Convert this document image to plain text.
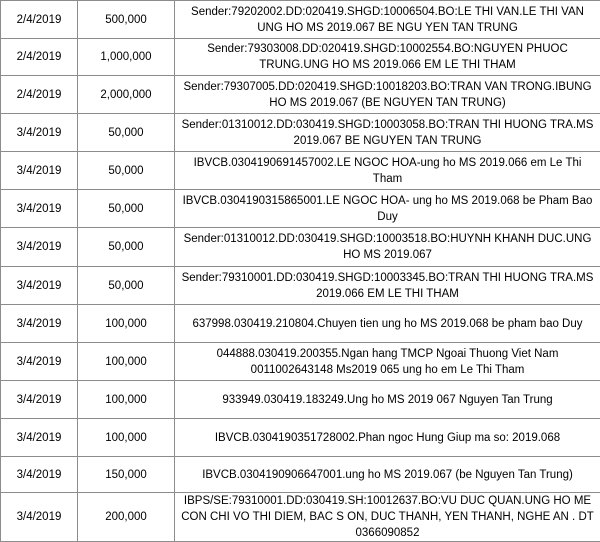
2/4/2019	500,000	Sender:79202002.DD:020419.SHGD:10006504.BO:LE THI VAN.LE THI VAN UNG HO MS 2019.067 BE NGU YEN TAN TRUNG
2/4/2019	1,000,000	Sender:79303008.DD:020419.SHGD:10002554.BO:NGUYEN PHUOC TRUNG.UNG HO MS 2019.066 EM LE THI THAM
2/4/2019	2,000,000	Sender:79307005.DD:020419.SHGD:10018203.BO:TRAN VAN TRONG.IBUNG HO MS 2019.067 (BE NGUYEN TAN TRUNG)
3/4/2019	50,000	Sender:01310012.DD:030419.SHGD:10003058.BO:TRAN THI HUONG TRA.MS 2019.067 BE NGUYEN TAN TRUNG
3/4/2019	50,000	IBVCB.0304190691457002.LE NGOC HOA-ung ho MS 2019.066 em Le Thi Tham
3/4/2019	50,000	IBVCB.0304190315865001.LE NGOC HOA- ung ho MS 2019.068 be Pham Bao Duy
3/4/2019	50,000	Sender:01310012.DD:030419.SHGD:10003518.BO:HUYNH KHANH DUC.UNG HO MS 2019.067
3/4/2019	50,000	Sender:79310001.DD:030419.SHGD:10003345.BO:TRAN THI HUONG TRA.MS 2019.066 EM LE THI THAM
3/4/2019	100,000	637998.030419.210804.Chuyen tien ung ho MS 2019.068 be pham bao Duy
3/4/2019	100,000	044888.030419.200355.Ngan hang TMCP Ngoai Thuong Viet Nam 0011002643148 Ms2019 065 ung ho em Le Thi Tham
3/4/2019	100,000	933949.030419.183249.Ung ho MS 2019 067 Nguyen Tan Trung
3/4/2019	100,000	IBVCB.0304190351728002.Phan ngoc Hung Giup ma so: 2019.068
3/4/2019	150,000	IBVCB.0304190906647001.ung ho MS 2019.067 (be Nguyen Tan Trung)
3/4/2019	200,000	IBPS/SE:79310001.DD:030419.SH:10012637.BO:VU DUC QUAN.UNG HO ME CON CHI VO THI DIEM, BAC S ON, DUC THANH, YEN THANH, NGHE AN . DT 0366090852
